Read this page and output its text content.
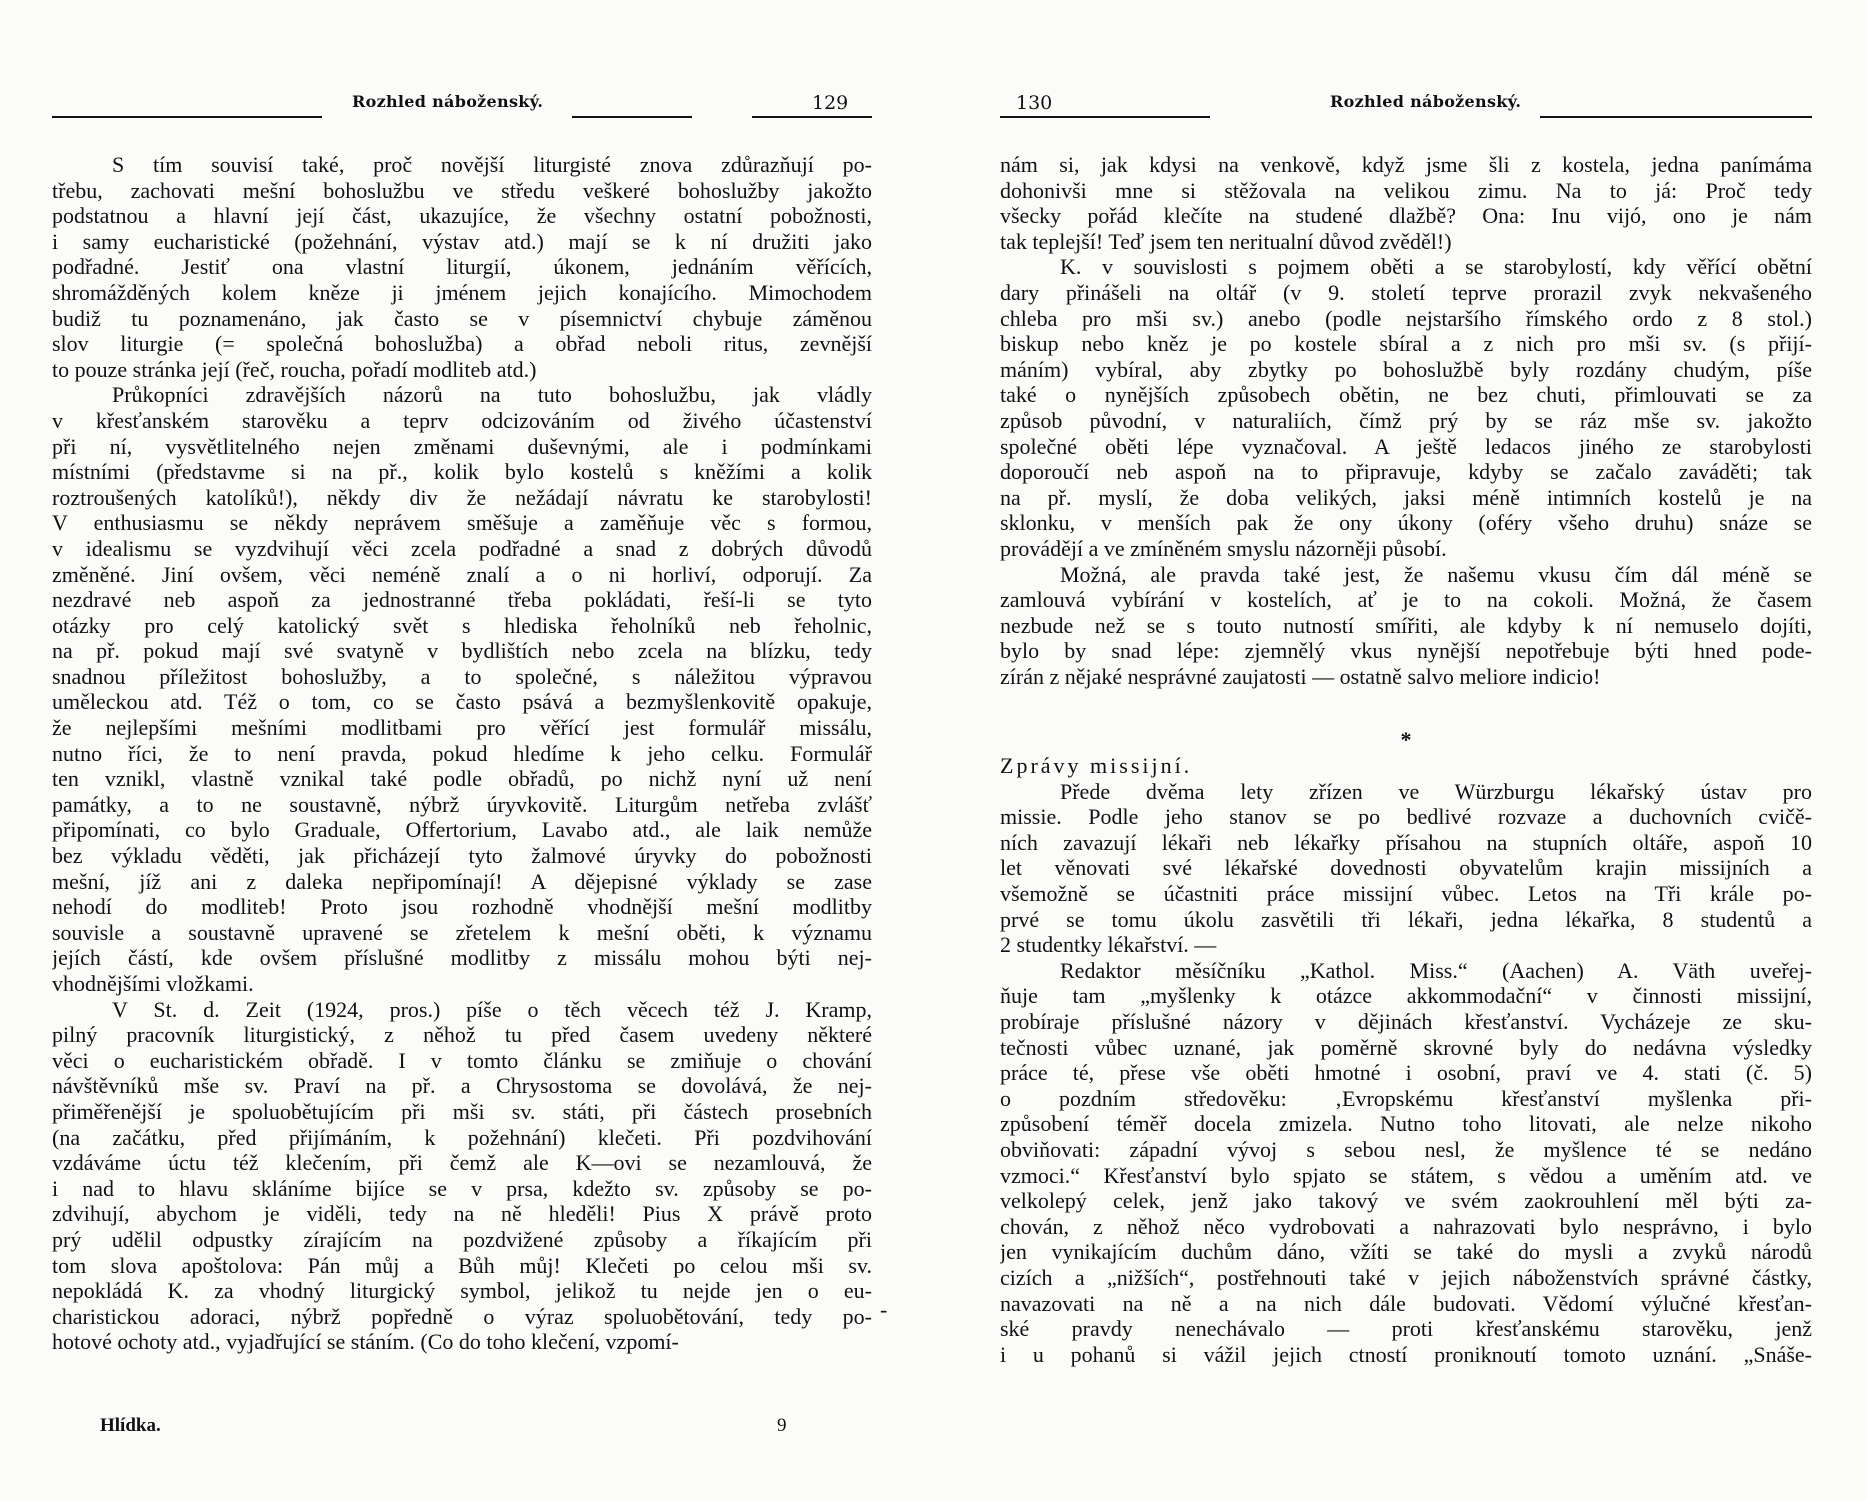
Rozhled náboženský.	129
S tím souvisí také, proč novější liturgisté znova zdůrazňují po-
třebu, zachovati mešní bohoslužbu ve středu veškeré bohoslužby jakožto
podstatnou a hlavní její část, ukazujíce, že všechny ostatní pobožnosti,
i samy eucharistické (požehnání, výstav atd.) mají se k ní družiti jako
podřadné. Jestiť ona vlastní liturgií, úkonem, jednáním věřících,
shromážděných kolem kněze ji jménem jejich konajícího. Mimochodem
budiž tu poznamenáno, jak často se v písemnictví chybuje záměnou
slov liturgie (= společná bohoslužba) a obřad neboli ritus, zevnější
to pouze stránka její (řeč, roucha, pořadí modliteb atd.)
Průkopníci zdravějších názorů na tuto bohoslužbu, jak vládly
v křesťanském starověku a teprv odcizováním od živého účastenství
při ní, vysvětlitelného nejen změnami duševnými, ale i podmínkami
místními (představme si na př., kolik bylo kostelů s kněžími a kolik
roztroušených katolíků!), někdy div že nežádají návratu ke starobylosti!
V enthusiasmu se někdy neprávem směšuje a zaměňuje věc s formou,
v idealismu se vyzdvihují věci zcela podřadné a snad z dobrých důvodů
změněné. Jiní ovšem, věci neméně znalí a o ni horliví, odporují. Za
nezdravé neb aspoň za jednostranné třeba pokládati, řeší-li se tyto
otázky pro celý katolický svět s hlediska řeholníků neb řeholnic,
na př. pokud mají své svatyně v bydlištích nebo zcela na blízku, tedy
snadnou příležitost bohoslužby, a to společné, s náležitou výpravou
uměleckou atd. Též o tom, co se často psává a bezmyšlenkovitě opakuje,
že nejlepšími mešními modlitbami pro věřící jest formulář missálu,
nutno říci, že to není pravda, pokud hledíme k jeho celku. Formulář
ten vznikl, vlastně vznikal také podle obřadů, po nichž nyní už není
památky, a to ne soustavně, nýbrž úryvkovitě. Liturgům netřeba zvlášť
připomínati, co bylo Graduale, Offertorium, Lavabo atd., ale laik nemůže
bez výkladu věděti, jak přicházejí tyto žalmové úryvky do pobožnosti
mešní, jíž ani z daleka nepřipomínají! A dějepisné výklady se zase
nehodí do modliteb! Proto jsou rozhodně vhodnější mešní modlitby
souvisle a soustavně upravené se zřetelem k mešní oběti, k významu
jejích částí, kde ovšem příslušné modlitby z missálu mohou býti nej-
vhodnějšími vložkami.
V St. d. Zeit (1924, pros.) píše o těch věcech též J. Kramp,
pilný pracovník liturgistický, z něhož tu před časem uvedeny některé
věci o eucharistickém obřadě. I v tomto článku se zmiňuje o chování
návštěvníků mše sv. Praví na př. a Chrysostoma se dovolává, že nej-
přiměřenější je spoluobětujícím při mši sv. státi, při částech prosebních
(na začátku, před přijímáním, k požehnání) klečeti. Při pozdvihování
vzdáváme úctu též klečením, při čemž ale K—ovi se nezamlouvá, že
i nad to hlavu skláníme bijíce se v prsa, kdežto sv. způsoby se po-
zdvihují, abychom je viděli, tedy na ně hleděli! Pius X právě proto
prý udělil odpustky zírajícím na pozdvižené způsoby a říkajícím při
tom slova apoštolova: Pán můj a Bůh můj! Klečeti po celou mši sv.
nepokládá K. za vhodný liturgický symbol, jelikož tu nejde jen o eu-
charistickou adoraci, nýbrž popředně o výraz spoluobětování, tedy po-
hotové ochoty atd., vyjadřující se stáním. (Co do toho klečení, vzpomí-
Hlídka.	9
-
130	Rozhled náboženský.
nám si, jak kdysi na venkově, když jsme šli z kostela, jedna panímáma
dohonivši mne si stěžovala na velikou zimu. Na to já: Proč tedy
všecky pořád klečíte na studené dlažbě? Ona: Inu vijó, ono je nám
tak teplejší! Teď jsem ten neritualní důvod zvěděl!)
K. v souvislosti s pojmem oběti a se starobylostí, kdy věřící obětní
dary přinášeli na oltář (v 9. století teprve prorazil zvyk nekvašeného
chleba pro mši sv.) anebo (podle nejstaršího římského ordo z 8 stol.)
biskup nebo kněz je po kostele sbíral a z nich pro mši sv. (s přijí-
máním) vybíral, aby zbytky po bohoslužbě byly rozdány chudým, píše
také o nynějších způsobech obětin, ne bez chuti, přimlouvati se za
způsob původní, v naturaliích, čímž prý by se ráz mše sv. jakožto
společné oběti lépe vyznačoval. A ještě ledacos jiného ze starobylosti
doporoučí neb aspoň na to připravuje, kdyby se začalo zaváděti; tak
na př. myslí, že doba velikých, jaksi méně intimních kostelů je na
sklonku, v menších pak že ony úkony (oféry všeho druhu) snáze se
provádějí a ve zmíněném smyslu názorněji působí.
Možná, ale pravda také jest, že našemu vkusu čím dál méně se
zamlouvá vybírání v kostelích, ať je to na cokoli. Možná, že časem
nezbude než se s touto nutností smířiti, ale kdyby k ní nemuselo dojíti,
bylo by snad lépe: zjemnělý vkus nynější nepotřebuje býti hned pode-
zírán z nějaké nesprávné zaujatosti — ostatně salvo meliore indicio!

*
Zprávy missijní.
Přede dvěma lety zřízen ve Würzburgu lékařský ústav pro
missie. Podle jeho stanov se po bedlivé rozvaze a duchovních cvičě-
ních zavazují lékaři neb lékařky přísahou na stupních oltáře, aspoň 10
let věnovati své lékařské dovednosti obyvatelům krajin missijních a
všemožně se účastniti práce missijní vůbec. Letos na Tři krále po-
prvé se tomu úkolu zasvětili tři lékaři, jedna lékařka, 8 studentů a
2 studentky lékařství. —
Redaktor měsíčníku „Kathol. Miss.“ (Aachen) A. Väth uveřej-
ňuje tam „myšlenky k otázce akkommodační“ v činnosti missijní,
probíraje příslušné názory v dějinách křesťanství. Vycházeje ze sku-
tečnosti vůbec uznané, jak poměrně skrovné byly do nedávna výsledky
práce té, přese vše oběti hmotné i osobní, praví ve 4. stati (č. 5)
o pozdním středověku: ‚Evropskému křesťanství myšlenka při-
způsobení téměř docela zmizela. Nutno toho litovati, ale nelze nikoho
obviňovati: západní vývoj s sebou nesl, že myšlence té se nedáno
vzmoci.“ Křesťanství bylo spjato se státem, s vědou a uměním atd. ve
velkolepý celek, jenž jako takový ve svém zaokrouhlení měl býti za-
chován, z něhož něco vydrobovati a nahrazovati bylo nesprávno, i bylo
jen vynikajícím duchům dáno, vžíti se také do mysli a zvyků národů
cizích a „nižších“, postřehnouti také v jejich náboženstvích správné částky,
navazovati na ně a na nich dále budovati. Vědomí výlučné křesťan-
ské pravdy nenechávalo — proti křesťanskému starověku, jenž
i u pohanů si vážil jejich ctností proniknoutí tomoto uznání. „Snáše-
